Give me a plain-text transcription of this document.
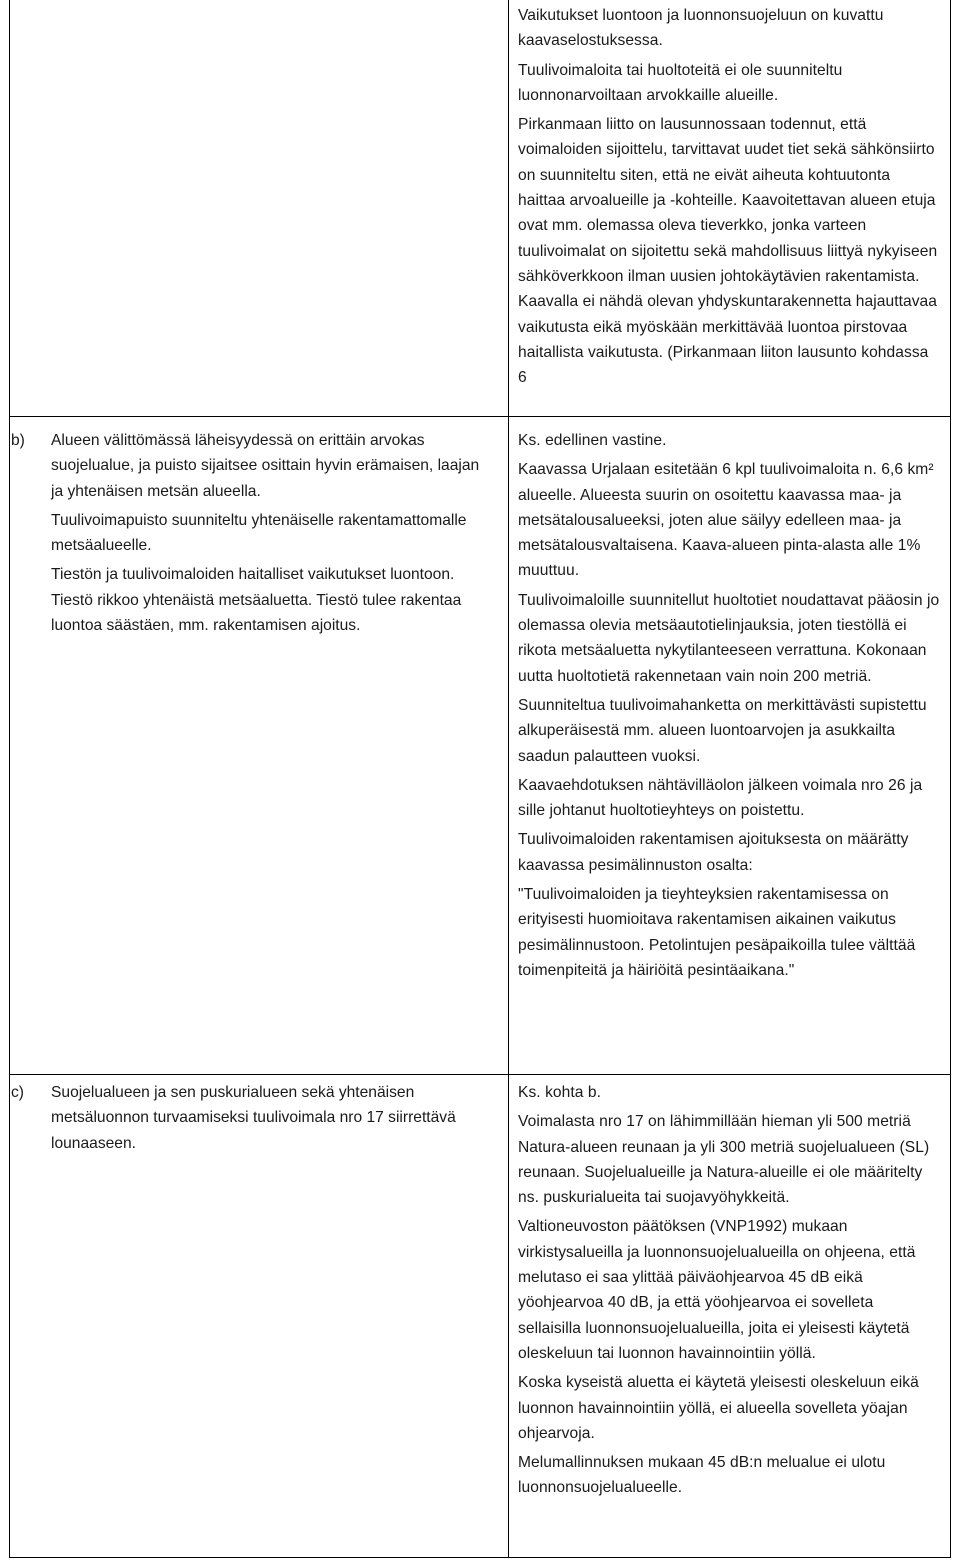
Vaikutukset luontoon ja luonnonsuojeluun on kuvattu kaavaselostuksessa.

Tuulivoimaloita tai huoltoteitä ei ole suunniteltu luonnonarvoiltaan arvokkaille alueille.

Pirkanmaan liitto on lausunnossaan todennut, että voimaloiden sijoittelu, tarvittavat uudet tiet sekä sähkönsiirto on suunniteltu siten, että ne eivät aiheuta kohtuutonta haittaa arvoalueille ja -kohteille. Kaavoitettavan alueen etuja ovat mm. olemassa oleva tieverkko, jonka varteen tuulivoimalat on sijoitettu sekä mahdollisuus liittyä nykyiseen sähköverkkoon ilman uusien johtokäytävien rakentamista. Kaavalla ei nähdä olevan yhdyskuntarakennetta hajauttavaa vaikutusta eikä myöskään merkittävää luontoa pirstovaa haitallista vaikutusta. (Pirkanmaan liiton lausunto kohdassa 6

b) Alueen välittömässä läheisyydessä on erittäin arvokas suojelualue, ja puisto sijaitsee osittain hyvin erämaisen, laajan ja yhtenäisen metsän alueella.

Tuulivoimapuisto suunniteltu yhtenäiselle rakentamattomalle metsäalueelle.

Tiestön ja tuulivoimaloiden haitalliset vaikutukset luontoon. Tiestö rikkoo yhtenäistä metsäaluetta. Tiestö tulee rakentaa luontoa säästäen, mm. rakentamisen ajoitus.

Ks. edellinen vastine.

Kaavassa Urjalaan esitetään 6 kpl tuulivoimaloita n. 6,6 km² alueelle. Alueesta suurin on osoitettu kaavassa maa- ja metsätalousalueeksi, joten alue säilyy edelleen maa- ja metsätalousvaltaisena. Kaava-alueen pinta-alasta alle 1% muuttuu.

Tuulivoimaloille suunnitellut huoltotiet noudattavat pääosin jo olemassa olevia metsäautotielinjauksia, joten tiestöllä ei rikota metsäaluetta nykytilanteeseen verrattuna. Kokonaan uutta huoltotietä rakennetaan vain noin 200 metriä.

Suunniteltua tuulivoimahanketta on merkittävästi supistettu alkuperäisestä mm. alueen luontoarvojen ja asukkailta saadun palautteen vuoksi.

Kaavaehdotuksen nähtävilläolon jälkeen voimala nro 26 ja sille johtanut huoltotieyhteys on poistettu.

Tuulivoimaloiden rakentamisen ajoituksesta on määrätty kaavassa pesimälinnuston osalta:

"Tuulivoimaloiden ja tieyhteyksien rakentamisessa on erityisesti huomioitava rakentamisen aikainen vaikutus pesimälinnustoon. Petolintujen pesäpaikoilla tulee välttää toimenpiteitä ja häiriöitä pesintäaikana."

c) Suojelualueen ja sen puskurialueen sekä yhtenäisen metsäluonnon turvaamiseksi tuulivoimala nro 17 siirrettävä lounaaseen.

Ks. kohta b.

Voimalasta nro 17 on lähimmillään hieman yli 500 metriä Natura-alueen reunaan ja yli 300 metriä suojelualueen (SL) reunaan. Suojelualueille ja Natura-alueille ei ole määritelty ns. puskurialueita tai suojavyöhykkeitä.

Valtioneuvoston päätöksen (VNP1992) mukaan virkistysalueilla ja luonnonsuojelualueilla on ohjeena, että melutaso ei saa ylittää päiväohjearvoa 45 dB eikä yöohjearvoa 40 dB, ja että yöohjearvoa ei sovelleta sellaisilla luonnonsuojelualueilla, joita ei yleisesti käytetä oleskeluun tai luonnon havainnointiin yöllä.

Koska kyseistä aluetta ei käytetä yleisesti oleskeluun eikä luonnon havainnointiin yöllä, ei alueella sovelleta yöajan ohjearvoja.

Melumallinnuksen mukaan 45 dB:n melualue ei ulotu luonnonsuojelualueelle.
